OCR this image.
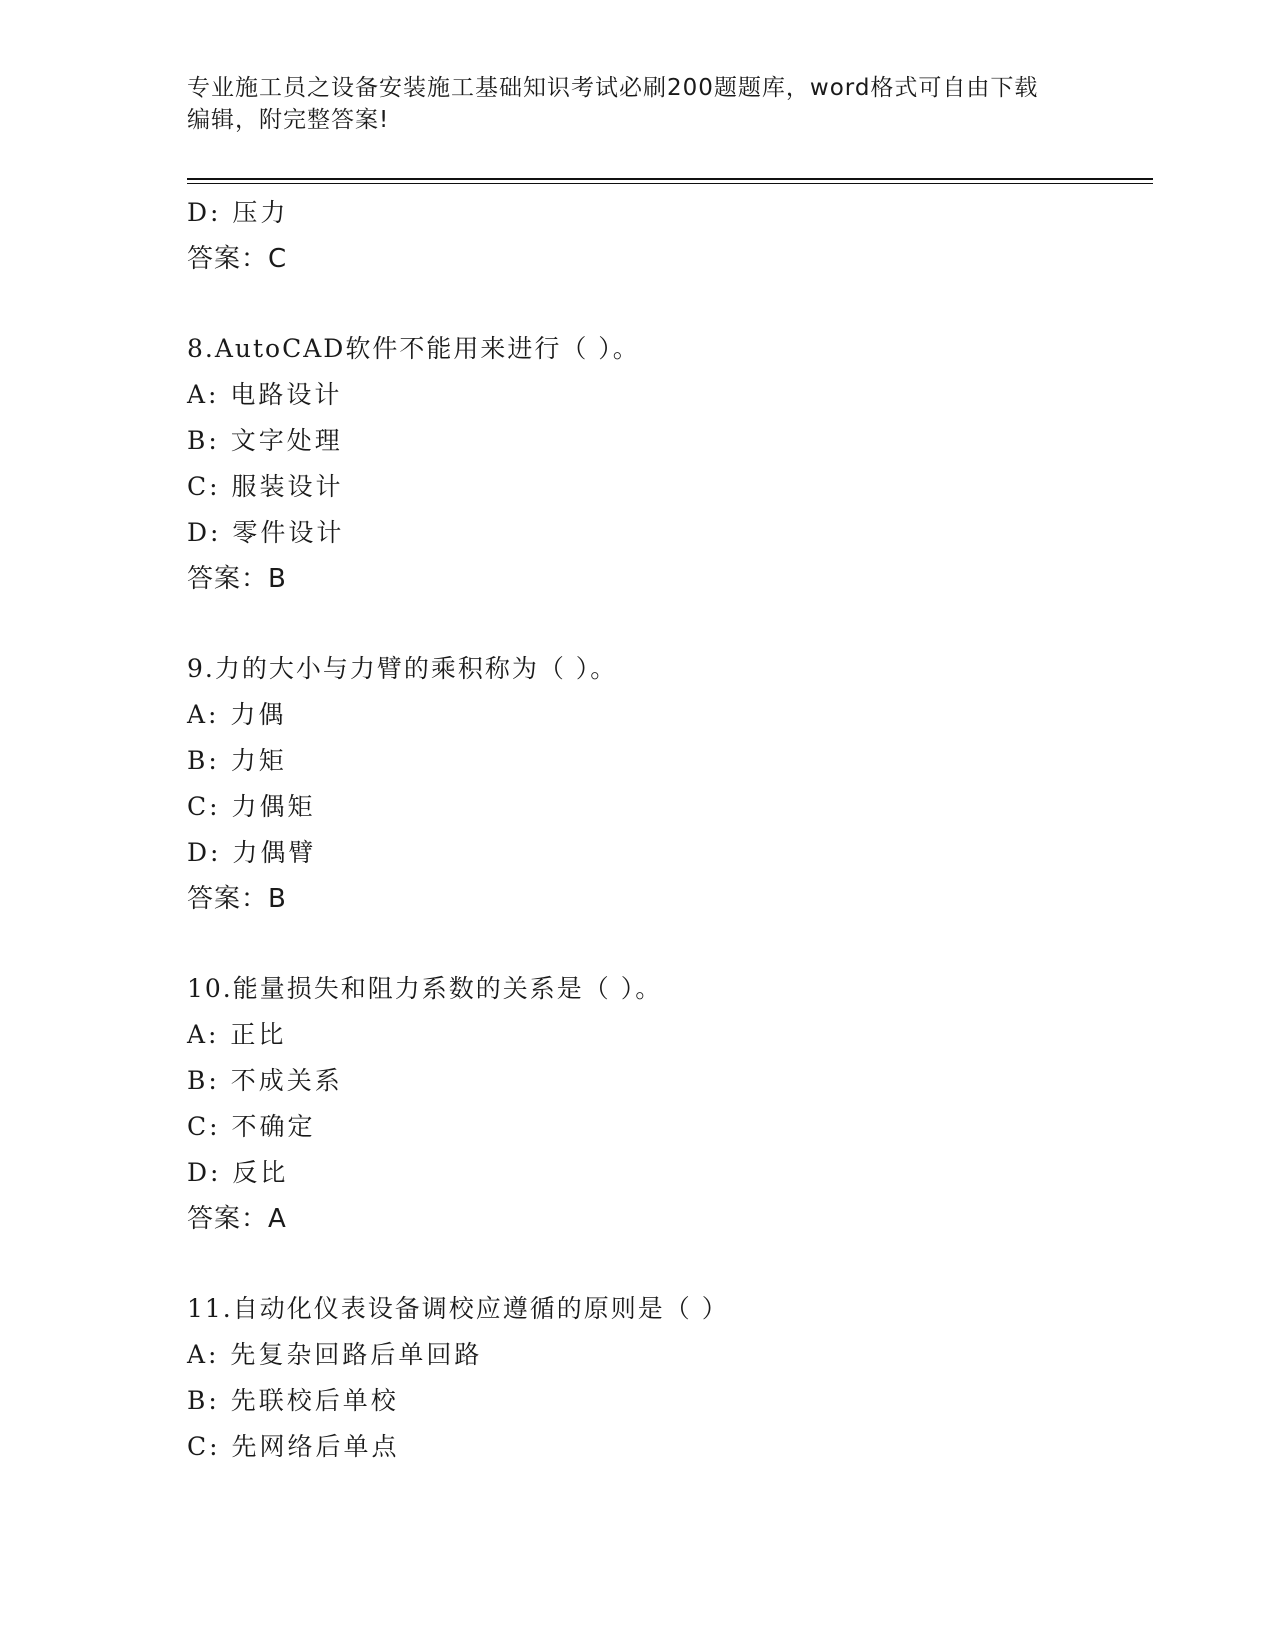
专业施工员之设备安装施工基础知识考试必刷200题题库，word格式可自由下载
编辑，附完整答案!
D: 压力
答案：C
8.AutoCAD软件不能用来进行（ ）。
A: 电路设计
B: 文字处理
C: 服装设计
D: 零件设计
答案：B
9.力的大小与力臂的乘积称为（ ）。
A: 力偶
B: 力矩
C: 力偶矩
D: 力偶臂
答案：B
10.能量损失和阻力系数的关系是（ ）。
A: 正比
B: 不成关系
C: 不确定
D: 反比
答案：A
11.自动化仪表设备调校应遵循的原则是（ ）
A: 先复杂回路后单回路
B: 先联校后单校
C: 先网络后单点
